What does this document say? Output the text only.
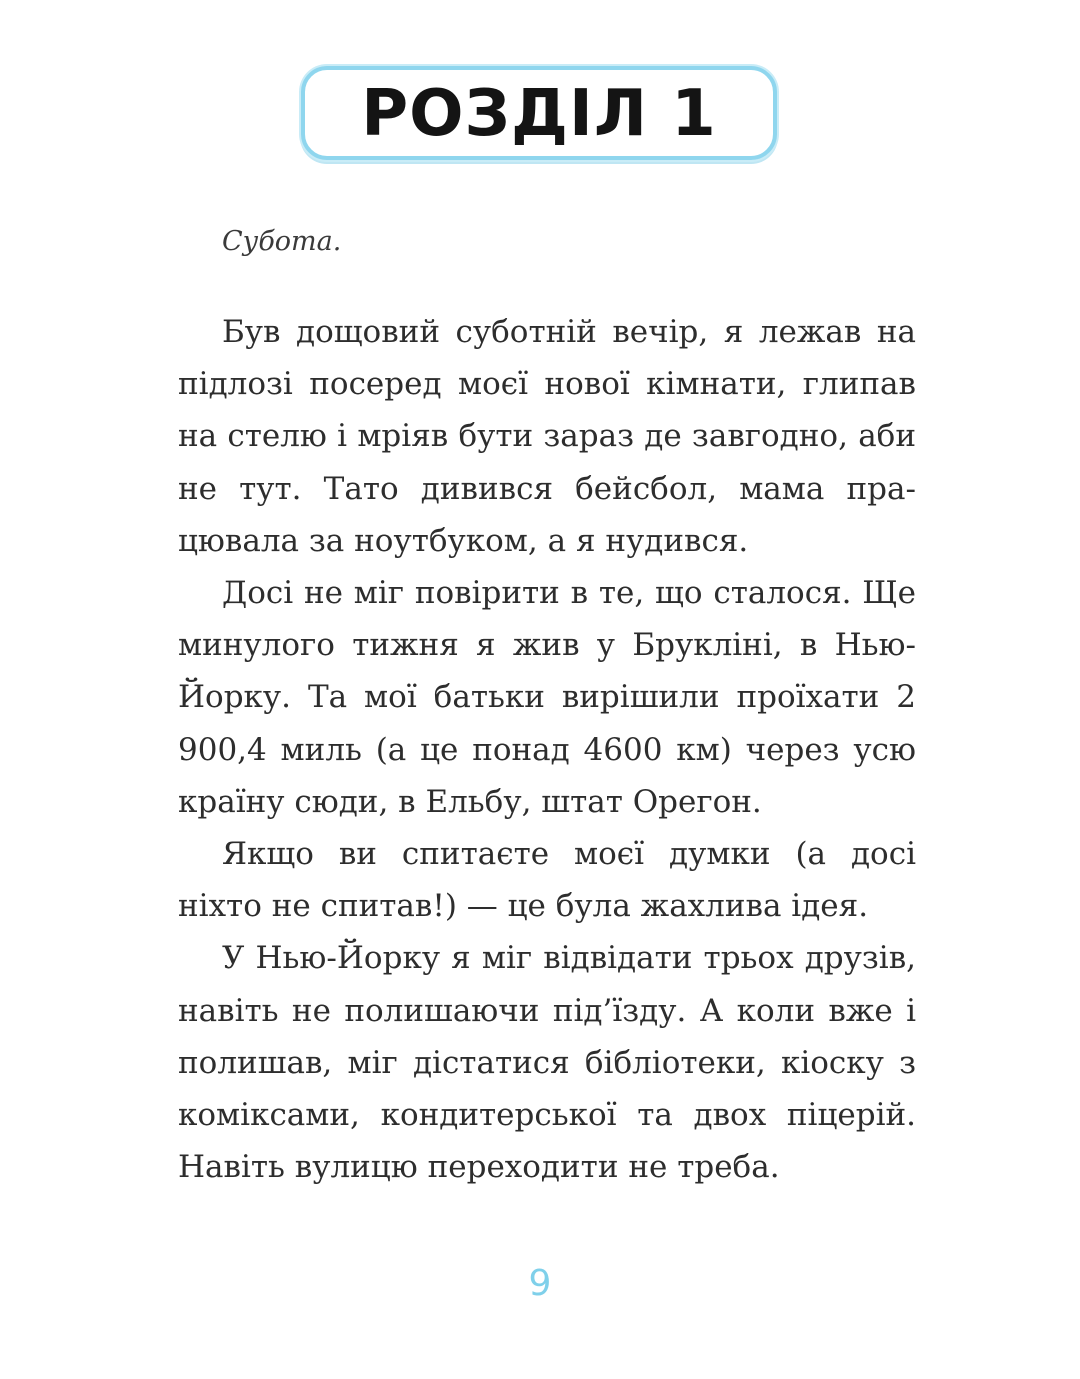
РОЗДІЛ 1
Субота.

Був дощовий суботній вечір, я лежав на підлозі посеред моєї нової кімнати, глипав на стелю і мріяв бути зараз де завгодно, аби не тут. Тато дивився бейсбол, мама працювала за ноутбуком, а я нудився.

Досі не міг повірити в те, що сталося. Ще минулого тижня я жив у Брукліні, в Нью-Йорку. Та мої батьки вирішили проїхати 2 900,4 миль (а це понад 4600 км) через усю країну сюди, в Ельбу, штат Орегон.

Якщо ви спитаєте моєї думки (а досі ніхто не спитав!) — це була жахлива ідея.

У Нью-Йорку я міг відвідати трьох друзів, навіть не полишаючи під’їзду. А коли вже і полишав, міг дістатися бібліотеки, кіоску з коміксами, кондитерської та двох піцерій. Навіть вулицю переходити не треба.

9
